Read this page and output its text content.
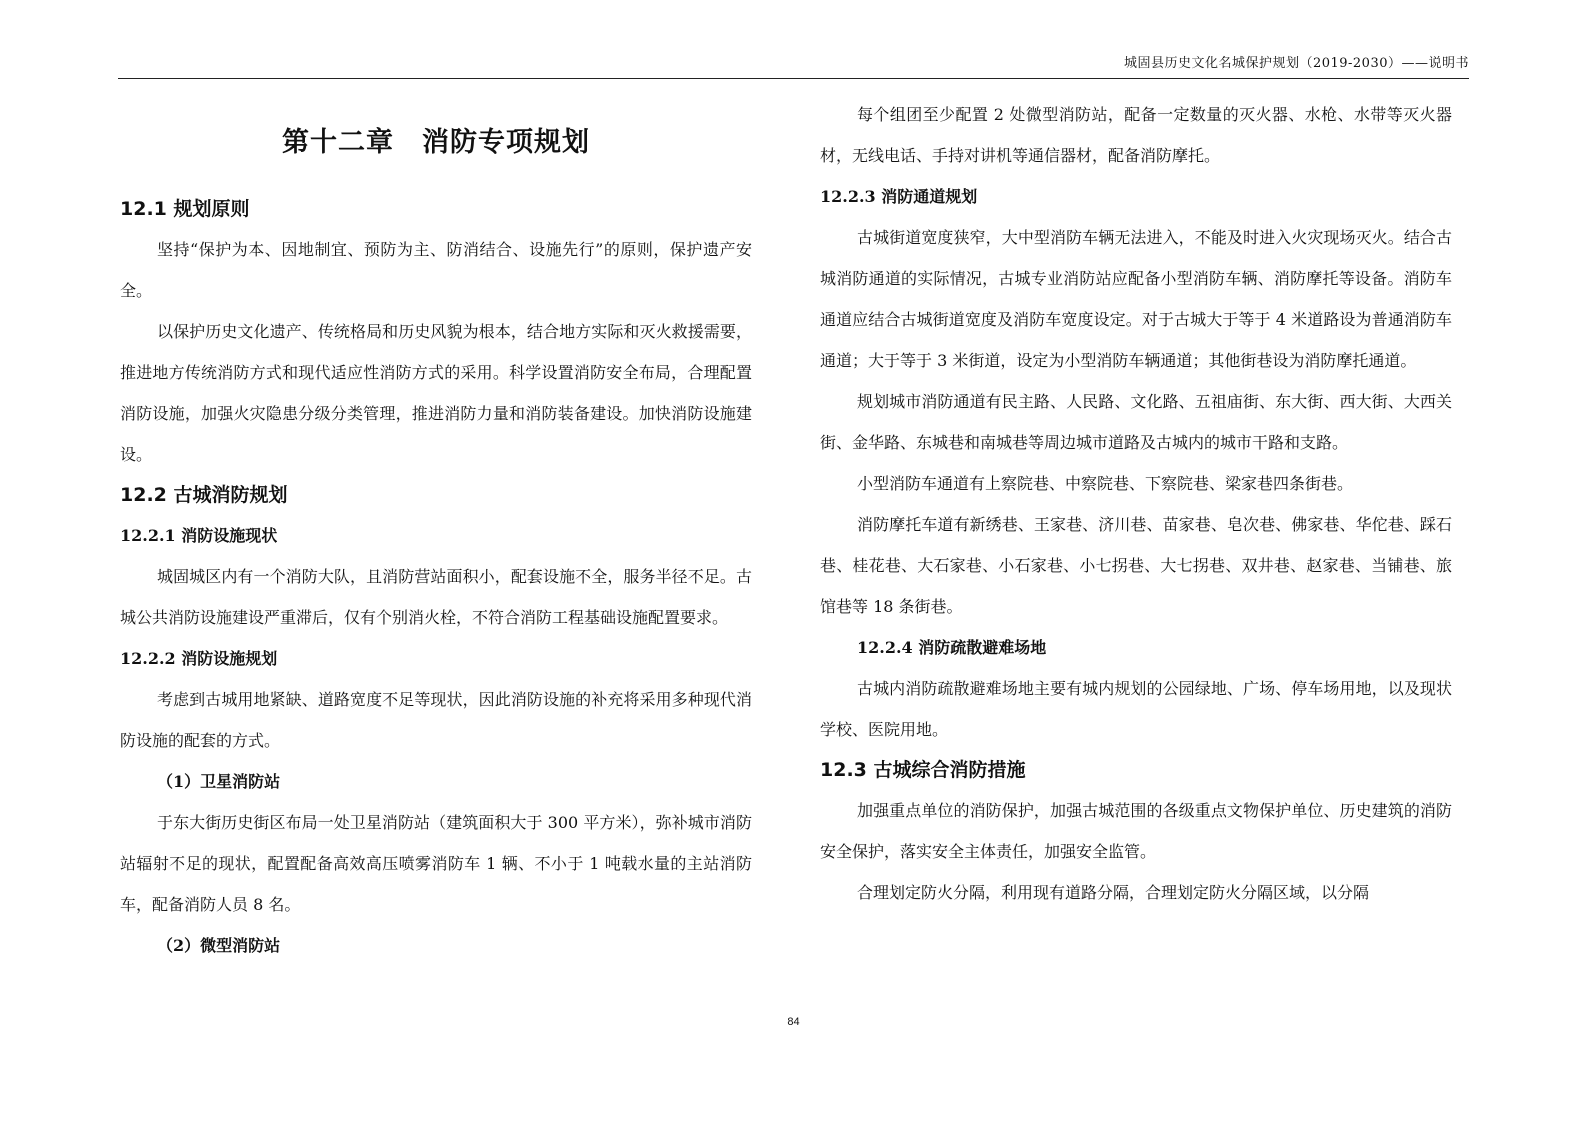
城固县历史文化名城保护规划（2019-2030）——说明书
第十二章　消防专项规划
12.1 规划原则
坚持“保护为本、因地制宜、预防为主、防消结合、设施先行”的原则，保护遗产安全。
以保护历史文化遗产、传统格局和历史风貌为根本，结合地方实际和灭火救援需要，推进地方传统消防方式和现代适应性消防方式的采用。科学设置消防安全布局，合理配置消防设施，加强火灾隐患分级分类管理，推进消防力量和消防装备建设。加快消防设施建设。
12.2 古城消防规划
12.2.1 消防设施现状
城固城区内有一个消防大队，且消防营站面积小，配套设施不全，服务半径不足。古城公共消防设施建设严重滞后，仅有个别消火栓，不符合消防工程基础设施配置要求。
12.2.2 消防设施规划
考虑到古城用地紧缺、道路宽度不足等现状，因此消防设施的补充将采用多种现代消防设施的配套的方式。
（1）卫星消防站
于东大街历史街区布局一处卫星消防站（建筑面积大于 300 平方米），弥补城市消防站辐射不足的现状，配置配备高效高压喷雾消防车 1 辆、不小于 1 吨载水量的主站消防车，配备消防人员 8 名。
（2）微型消防站
每个组团至少配置 2 处微型消防站，配备一定数量的灭火器、水枪、水带等灭火器材，无线电话、手持对讲机等通信器材，配备消防摩托。
12.2.3 消防通道规划
古城街道宽度狭窄，大中型消防车辆无法进入，不能及时进入火灾现场灭火。结合古城消防通道的实际情况，古城专业消防站应配备小型消防车辆、消防摩托等设备。消防车通道应结合古城街道宽度及消防车宽度设定。对于古城大于等于 4 米道路设为普通消防车通道；大于等于 3 米街道，设定为小型消防车辆通道；其他街巷设为消防摩托通道。
规划城市消防通道有民主路、人民路、文化路、五祖庙街、东大街、西大街、大西关街、金华路、东城巷和南城巷等周边城市道路及古城内的城市干路和支路。
小型消防车通道有上察院巷、中察院巷、下察院巷、梁家巷四条街巷。
消防摩托车道有新绣巷、王家巷、济川巷、苗家巷、皂次巷、佛家巷、华佗巷、踩石巷、桂花巷、大石家巷、小石家巷、小七拐巷、大七拐巷、双井巷、赵家巷、当铺巷、旅馆巷等 18 条街巷。
12.2.4 消防疏散避难场地
古城内消防疏散避难场地主要有城内规划的公园绿地、广场、停车场用地，以及现状学校、医院用地。
12.3 古城综合消防措施
加强重点单位的消防保护，加强古城范围的各级重点文物保护单位、历史建筑的消防安全保护，落实安全主体责任，加强安全监管。
合理划定防火分隔，利用现有道路分隔，合理划定防火分隔区域，以分隔
84
